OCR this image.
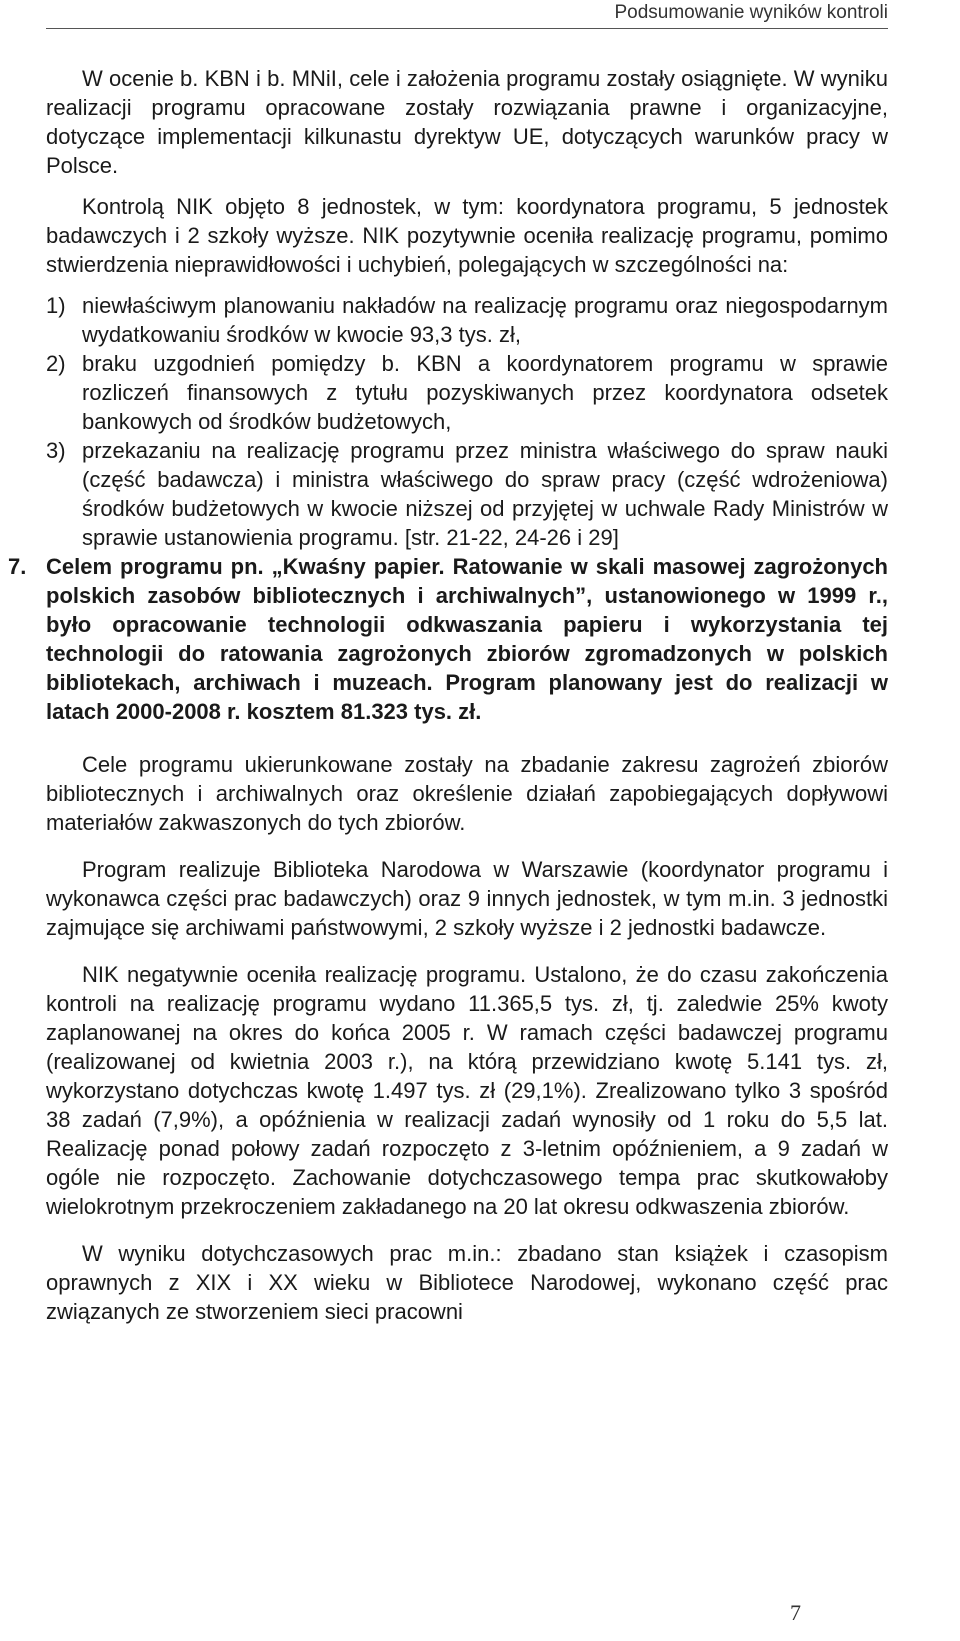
Podsumowanie wyników kontroli

W ocenie b. KBN i b. MNiI, cele i założenia programu zostały osiągnięte. W wyniku realizacji programu opracowane zostały rozwiązania prawne i organizacyjne, dotyczące implementacji kilkunastu dyrektyw UE, dotyczących warunków pracy w Polsce.

Kontrolą NIK objęto 8 jednostek, w tym: koordynatora programu, 5 jednostek badawczych i 2 szkoły wyższe. NIK pozytywnie oceniła realizację programu, pomimo stwierdzenia nieprawidłowości i uchybień, polegających w szczególności na:

1) niewłaściwym planowaniu nakładów na realizację programu oraz niegospodarnym wydatkowaniu środków w kwocie 93,3 tys. zł,
2) braku uzgodnień pomiędzy b. KBN a koordynatorem programu w sprawie rozliczeń finansowych z tytułu pozyskiwanych przez koordynatora odsetek bankowych od środków budżetowych,
3) przekazaniu na realizację programu przez ministra właściwego do spraw nauki (część badawcza) i ministra właściwego do spraw pracy (część wdrożeniowa) środków budżetowych w kwocie niższej od przyjętej w uchwale Rady Ministrów w sprawie ustanowienia programu. [str. 21-22, 24-26 i 29]
7. Celem programu pn. „Kwaśny papier. Ratowanie w skali masowej zagrożonych polskich zasobów bibliotecznych i archiwalnych”, ustanowionego w 1999 r., było opracowanie technologii odkwaszania papieru i wykorzystania tej technologii do ratowania zagrożonych zbiorów zgromadzonych w polskich bibliotekach, archiwach i muzeach. Program planowany jest do realizacji w latach 2000-2008 r. kosztem 81.323 tys. zł.

Cele programu ukierunkowane zostały na zbadanie zakresu zagrożeń zbiorów bibliotecznych i archiwalnych oraz określenie działań zapobiegających dopływowi materiałów zakwaszonych do tych zbiorów.

Program realizuje Biblioteka Narodowa w Warszawie (koordynator programu i wykonawca części prac badawczych) oraz 9 innych jednostek, w tym m.in. 3 jednostki zajmujące się archiwami państwowymi, 2 szkoły wyższe i 2 jednostki badawcze.

NIK negatywnie oceniła realizację programu. Ustalono, że do czasu zakończenia kontroli na realizację programu wydano 11.365,5 tys. zł, tj. zaledwie 25% kwoty zaplanowanej na okres do końca 2005 r. W ramach części badawczej programu (realizowanej od kwietnia 2003 r.), na którą przewidziano kwotę 5.141 tys. zł, wykorzystano dotychczas kwotę 1.497 tys. zł (29,1%). Zrealizowano tylko 3 spośród 38 zadań (7,9%), a opóźnienia w realizacji zadań wynosiły od 1 roku do 5,5 lat. Realizację ponad połowy zadań rozpoczęto z 3-letnim opóźnieniem, a 9 zadań w ogóle nie rozpoczęto. Zachowanie dotychczasowego tempa prac skutkowałoby wielokrotnym przekroczeniem zakładanego na 20 lat okresu odkwaszenia zbiorów.

W wyniku dotychczasowych prac m.in.: zbadano stan książek i czasopism oprawnych z XIX i XX wieku w Bibliotece Narodowej, wykonano część prac związanych ze stworzeniem sieci pracowni

7
